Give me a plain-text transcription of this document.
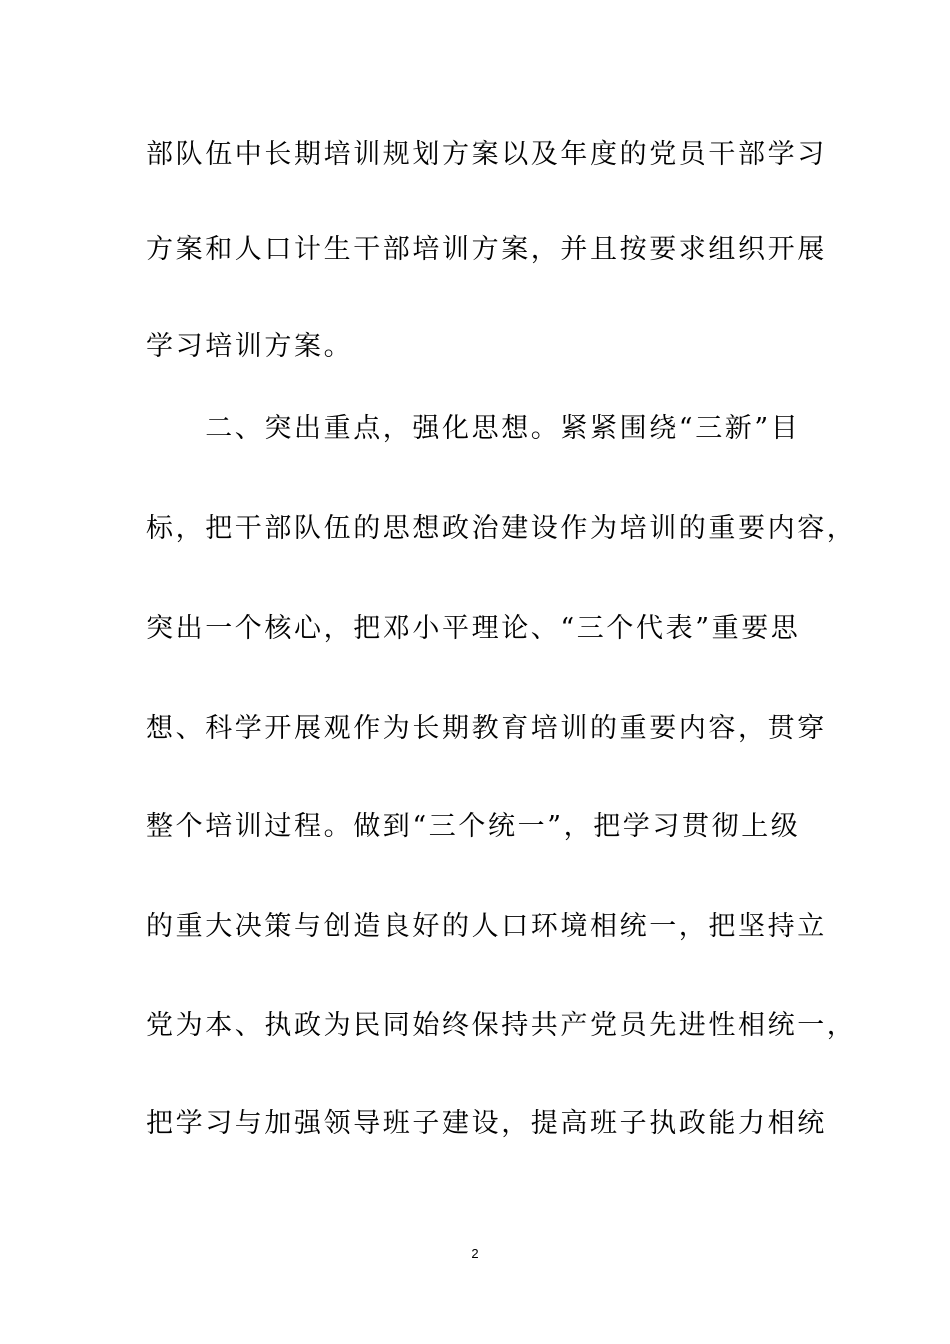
部队伍中长期培训规划方案以及年度的党员干部学习
方案和人口计生干部培训方案，并且按要求组织开展
学习培训方案。
　　二、突出重点，强化思想。紧紧围绕“三新”目
标，把干部队伍的思想政治建设作为培训的重要内容，
突出一个核心，把邓小平理论、“三个代表”重要思
想、科学开展观作为长期教育培训的重要内容，贯穿
整个培训过程。做到“三个统一”，把学习贯彻上级
的重大决策与创造良好的人口环境相统一，把坚持立
党为本、执政为民同始终保持共产党员先进性相统一，
把学习与加强领导班子建设，提高班子执政能力相统
2
